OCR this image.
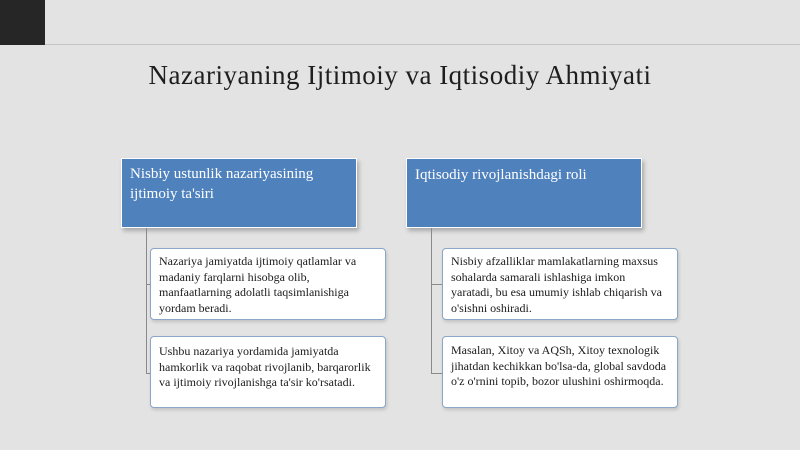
Nazariyaning Ijtimoiy va Iqtisodiy Ahmiyati
Nisbiy ustunlik nazariyasining ijtimoiy ta'siri
Nazariya jamiyatda ijtimoiy qatlamlar va madaniy farqlarni hisobga olib, manfaatlarning adolatli taqsimlanishiga yordam beradi.
Ushbu nazariya yordamida jamiyatda hamkorlik va raqobat rivojlanib, barqarorlik va ijtimoiy rivojlanishga ta'sir ko'rsatadi.
Iqtisodiy rivojlanishdagi roli
Nisbiy afzalliklar mamlakatlarning maxsus sohalarda samarali ishlashiga imkon yaratadi, bu esa umumiy ishlab chiqarish va o'sishni oshiradi.
Masalan, Xitoy va AQSh, Xitoy texnologik jihatdan kechikkan bo'lsa-da, global savdoda o'z o'rnini topib, bozor ulushini oshirmoqda.
